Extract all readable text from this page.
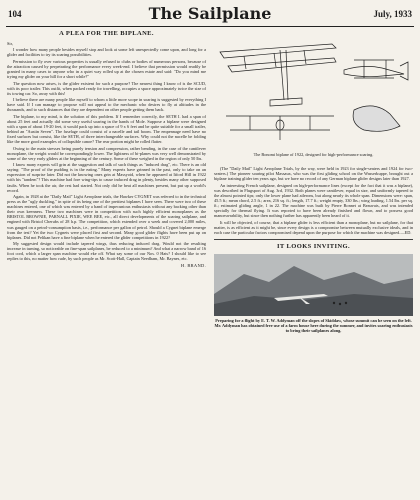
104	The Sailplane	July, 1933
A PLEA FOR THE BIPLANE.

Sir,

I wonder how many people besides myself stop and look at some left unexpectedly come upon, and long for a glider and facilities to try its soaring possibilities.

Permission to fly over various properties is usually refused to clubs or bodies of numerous persons, because of the attraction caused by perpetrating the performance every week-end. I believe that permission would readily be granted in many cases to anyone who in a quiet way rolled up at the chosen estate and said: "Do you mind me trying my glider on your hill for a short while?"

The question now arises, is the glider existent for such a purpose? The nearest thing I know of is the SCUD, with its poor trailer. This outfit, when packed ready for travelling, occupies a space approximately twice the size of its towing car. So, away with this!

I believe there are many people like myself to whom a little more scope in soaring is suggested by everything I have said. If I can manage to propose will not appeal to the mechanic who desires to fly at altitudes in the thousands, and to such distances that they are dependent on other people getting them back.

The biplane, to my mind, is the solution of this problem. If I remember correctly, the SETH I. had a span of about 25 feet and actually did some very useful soaring in the hands of Mole. Suppose a biplane were designed with a span of about 19-20 feet, it would pack up into a space of 9 x 6 feet and be quite suitable for a small trailer, behind an "Austin Seven". The fuselage could consist of a nacelle and tail boom. The empennage need have no fixed surfaces but consist, like the SETH, of three interchangeable surfaces. Why could not the nacelle be folding like the more good examples of collapsible canoe? The rear portion might be rolled flatter.

Owing to the main stresses being purely tension and compression, rather bending, in the case of the cantilever monoplane, the weight would be correspondingly lower. The lightness of bi-planes was very well demonstrated by some of the very early gliders at the beginning of the century. Some of these weighed in the region of only 50 lbs.

I know many experts will grin at the suggestion and talk of such things as "induced drag", etc. There is an old saying: "The proof of the pudding is in the eating." Many experts have grinned in the past, only to take on an expression of surprise later. Did not the knowing ones grin at Massyoid, when he appeared at Itford Hill in 1922 with his "tandem"? This machine had fore wing-tips to cause induced drag in plenty, besides many other supposed faults. When he took the air, the rest had started. Not only did he beat all machines present, but put up a world's record.

Again, in 1928 at the "Daily Mail" Light Aeroplane trials, the Hawker CYGNET was referred to in the technical press as the "ugly duckling," in spite of its being one of the prettiest biplanes I have seen. There were two of these machines entered, one of which was entered by a band of impecunious enthusiasts without any backing other than their own keenness. These two machines were in competition with such highly efficient monoplanes as the BRISTOL BROWNIE, PARNALL PIXIE, WEE BEE, etc., all direct developments of the soaring sailplane, and engined with Bristol Cherubs of 28 h.p. The competition, which extended over a week and covered 2,000 miles, was gauged on a petrol-consumption basis, i.e., performance per gallon of petrol. Should a Cygnet biplane emerge from the test? Yet the two Cygnets were placed first and second. Many good glider flights have been put up on biplanes. Did not Pelikan have a fine biplane when he entered the glider competitions in 1922?

My suggested design would include tapered wings, thus reducing induced drag. Would not the resulting increase in turning, so noticeable on fine-span sailplanes, be reduced to a minimum? And what a narrow band of 16 foot cord, which a larger span machine would eke off. What say some of our Nos. 0 Hats? I should like to see replies to this, no matter how rude, by such people as Mr. Scott-Hall, Captain Needham, Mr. Baynes, etc.

H. BRAND.
The Bonomi biplane of 1922, designed for high-performance soaring.

(The "Daily Mail" Light Aeroplane Trials, by the way, were held in 1923 for single-seaters and 1924 for two-seaters.) The pioneer soaring pilot Massaux, who was the first gliding school on the Wasserkuppe, brought out a biplane training glider ten years ago, but we have no record of any German biplane glider designs later than 1927.

An interesting French sailplane, designed on high-performance lines (except for the fact that it was a biplane), was described in Flugsport of Aug. 3rd, 1932. Both planes were cantilever, equal in size, and uniformly tapered to the almost pointed tips; only the lower plane had ailerons, but along nearly its whole span. Dimensions were: span, 45.5 ft.; mean chord, 2.5 ft.; area, 216 sq. ft.; length, 17.7 ft.; weight empty, 330 lbs.; wing loading, 1.54 lbs. per sq. ft.; estimated gliding angle, 1 in 22. The machine was built by Pierre Bonnet at Beauvais, and was intended specially for thermal flying. It was reported to have been already finished and flown, and to possess good manoeuvrability, but since then nothing further has apparently been heard of it.

It will be objected, of course, that a biplane glider is less efficient than a monoplane, but no sailplane, for that matter, is as efficient as it might be, since every design is a compromise between mutually exclusive ideals, and in each case the particular factors compromised depend upon the purpose for which the machine was designed.—ED.

IT LOOKS INVITING.
Preparing for a flight by E. T. W. Addyman off the slopes of Skiddaw, whose summit can be seen on the left. Mr. Addyman has obtained free use of a farm house here during the summer, and invites soaring enthusiasts to bring their sailplanes along.
